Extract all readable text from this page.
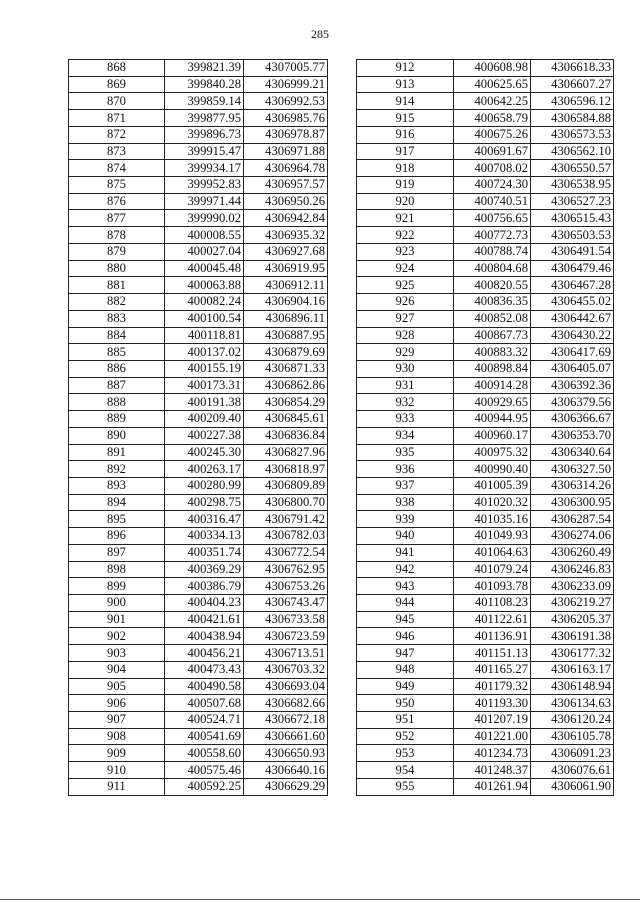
285
868	399821.39	4307005.77
869	399840.28	4306999.21
870	399859.14	4306992.53
871	399877.95	4306985.76
872	399896.73	4306978.87
873	399915.47	4306971.88
874	399934.17	4306964.78
875	399952.83	4306957.57
876	399971.44	4306950.26
877	399990.02	4306942.84
878	400008.55	4306935.32
879	400027.04	4306927.68
880	400045.48	4306919.95
881	400063.88	4306912.11
882	400082.24	4306904.16
883	400100.54	4306896.11
884	400118.81	4306887.95
885	400137.02	4306879.69
886	400155.19	4306871.33
887	400173.31	4306862.86
888	400191.38	4306854.29
889	400209.40	4306845.61
890	400227.38	4306836.84
891	400245.30	4306827.96
892	400263.17	4306818.97
893	400280.99	4306809.89
894	400298.75	4306800.70
895	400316.47	4306791.42
896	400334.13	4306782.03
897	400351.74	4306772.54
898	400369.29	4306762.95
899	400386.79	4306753.26
900	400404.23	4306743.47
901	400421.61	4306733.58
902	400438.94	4306723.59
903	400456.21	4306713.51
904	400473.43	4306703.32
905	400490.58	4306693.04
906	400507.68	4306682.66
907	400524.71	4306672.18
908	400541.69	4306661.60
909	400558.60	4306650.93
910	400575.46	4306640.16
911	400592.25	4306629.29
912	400608.98	4306618.33
913	400625.65	4306607.27
914	400642.25	4306596.12
915	400658.79	4306584.88
916	400675.26	4306573.53
917	400691.67	4306562.10
918	400708.02	4306550.57
919	400724.30	4306538.95
920	400740.51	4306527.23
921	400756.65	4306515.43
922	400772.73	4306503.53
923	400788.74	4306491.54
924	400804.68	4306479.46
925	400820.55	4306467.28
926	400836.35	4306455.02
927	400852.08	4306442.67
928	400867.73	4306430.22
929	400883.32	4306417.69
930	400898.84	4306405.07
931	400914.28	4306392.36
932	400929.65	4306379.56
933	400944.95	4306366.67
934	400960.17	4306353.70
935	400975.32	4306340.64
936	400990.40	4306327.50
937	401005.39	4306314.26
938	401020.32	4306300.95
939	401035.16	4306287.54
940	401049.93	4306274.06
941	401064.63	4306260.49
942	401079.24	4306246.83
943	401093.78	4306233.09
944	401108.23	4306219.27
945	401122.61	4306205.37
946	401136.91	4306191.38
947	401151.13	4306177.32
948	401165.27	4306163.17
949	401179.32	4306148.94
950	401193.30	4306134.63
951	401207.19	4306120.24
952	401221.00	4306105.78
953	401234.73	4306091.23
954	401248.37	4306076.61
955	401261.94	4306061.90
